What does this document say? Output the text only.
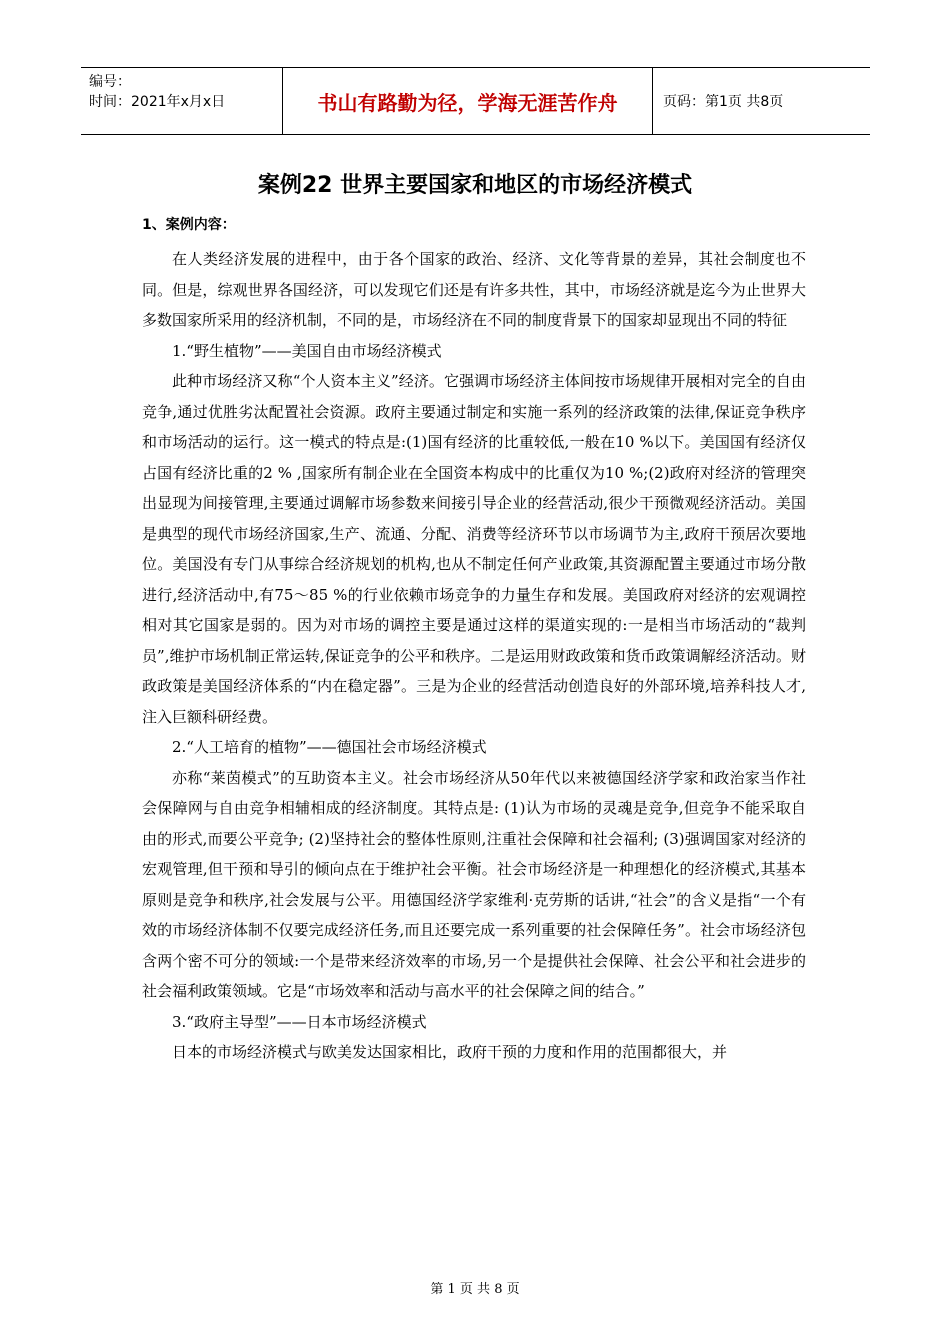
编号：
时间：2021年x月x日	书山有路勤为径，学海无涯苦作舟	页码：第1页 共8页
案例22 世界主要国家和地区的市场经济模式

1、案例内容：

在人类经济发展的进程中，由于各个国家的政治、经济、文化等背景的差异，其社会制度也不同。但是，综观世界各国经济，可以发现它们还是有许多共性，其中，市场经济就是迄今为止世界大多数国家所采用的经济机制，不同的是，市场经济在不同的制度背景下的国家却显现出不同的特征

1.“野生植物”——美国自由市场经济模式

此种市场经济又称“个人资本主义”经济。它强调市场经济主体间按市场规律开展相对完全的自由竞争,通过优胜劣汰配置社会资源。政府主要通过制定和实施一系列的经济政策的法律,保证竞争秩序和市场活动的运行。这一模式的特点是:(1)国有经济的比重较低,一般在10 %以下。美国国有经济仅占国有经济比重的2 % ,国家所有制企业在全国资本构成中的比重仅为10 %;(2)政府对经济的管理突出显现为间接管理,主要通过调解市场参数来间接引导企业的经营活动,很少干预微观经济活动。美国是典型的现代市场经济国家,生产、流通、分配、消费等经济环节以市场调节为主,政府干预居次要地位。美国没有专门从事综合经济规划的机构,也从不制定任何产业政策,其资源配置主要通过市场分散进行,经济活动中,有75～85 %的行业依赖市场竞争的力量生存和发展。美国政府对经济的宏观调控相对其它国家是弱的。因为对市场的调控主要是通过这样的渠道实现的:一是相当市场活动的“裁判员”,维护市场机制正常运转,保证竞争的公平和秩序。二是运用财政政策和货币政策调解经济活动。财政政策是美国经济体系的“内在稳定器”。三是为企业的经营活动创造良好的外部环境,培养科技人才,注入巨额科研经费。

2.“人工培育的植物”——德国社会市场经济模式

亦称“莱茵模式”的互助资本主义。社会市场经济从50年代以来被德国经济学家和政治家当作社会保障网与自由竞争相辅相成的经济制度。其特点是: (1)认为市场的灵魂是竞争,但竞争不能采取自由的形式,而要公平竞争; (2)坚持社会的整体性原则,注重社会保障和社会福利; (3)强调国家对经济的宏观管理,但干预和导引的倾向点在于维护社会平衡。社会市场经济是一种理想化的经济模式,其基本原则是竞争和秩序,社会发展与公平。用德国经济学家维利·克劳斯的话讲,“社会”的含义是指“一个有效的市场经济体制不仅要完成经济任务,而且还要完成一系列重要的社会保障任务”。社会市场经济包含两个密不可分的领域:一个是带来经济效率的市场,另一个是提供社会保障、社会公平和社会进步的社会福利政策领域。它是“市场效率和活动与高水平的社会保障之间的结合。”

3.“政府主导型”——日本市场经济模式

日本的市场经济模式与欧美发达国家相比，政府干预的力度和作用的范围都很大，并

第 1 页 共 8 页
